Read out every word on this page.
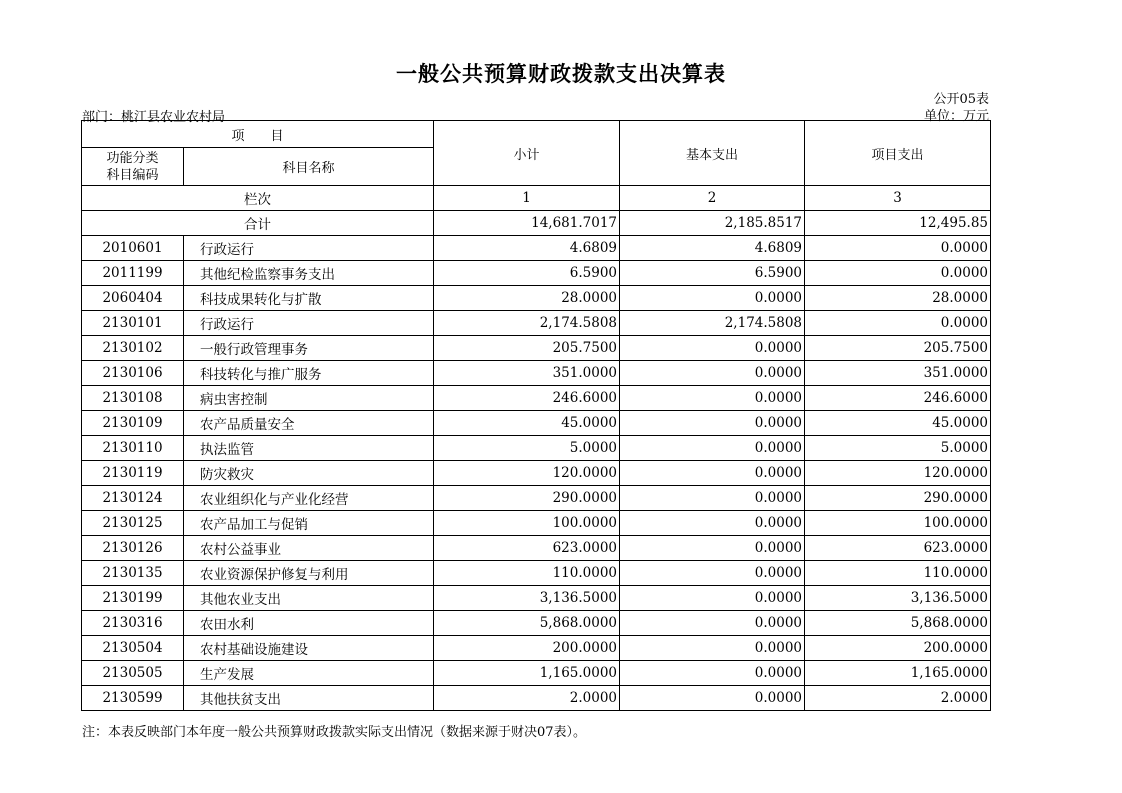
一般公共预算财政拨款支出决算表
公开05表
部门：桃江县农业农村局	单位：万元
项　　目		小计	基本支出	项目支出
功能分类
科目编码	科目名称			
栏次		1	2	3
合计		14,681.7017	2,185.8517	12,495.85
2010601	行政运行	4.6809	4.6809	0.0000
2011199	其他纪检监察事务支出	6.5900	6.5900	0.0000
2060404	科技成果转化与扩散	28.0000	0.0000	28.0000
2130101	行政运行	2,174.5808	2,174.5808	0.0000
2130102	一般行政管理事务	205.7500	0.0000	205.7500
2130106	科技转化与推广服务	351.0000	0.0000	351.0000
2130108	病虫害控制	246.6000	0.0000	246.6000
2130109	农产品质量安全	45.0000	0.0000	45.0000
2130110	执法监管	5.0000	0.0000	5.0000
2130119	防灾救灾	120.0000	0.0000	120.0000
2130124	农业组织化与产业化经营	290.0000	0.0000	290.0000
2130125	农产品加工与促销	100.0000	0.0000	100.0000
2130126	农村公益事业	623.0000	0.0000	623.0000
2130135	农业资源保护修复与利用	110.0000	0.0000	110.0000
2130199	其他农业支出	3,136.5000	0.0000	3,136.5000
2130316	农田水利	5,868.0000	0.0000	5,868.0000
2130504	农村基础设施建设	200.0000	0.0000	200.0000
2130505	生产发展	1,165.0000	0.0000	1,165.0000
2130599	其他扶贫支出	2.0000	0.0000	2.0000
注：本表反映部门本年度一般公共预算财政拨款实际支出情况（数据来源于财决07表）。
